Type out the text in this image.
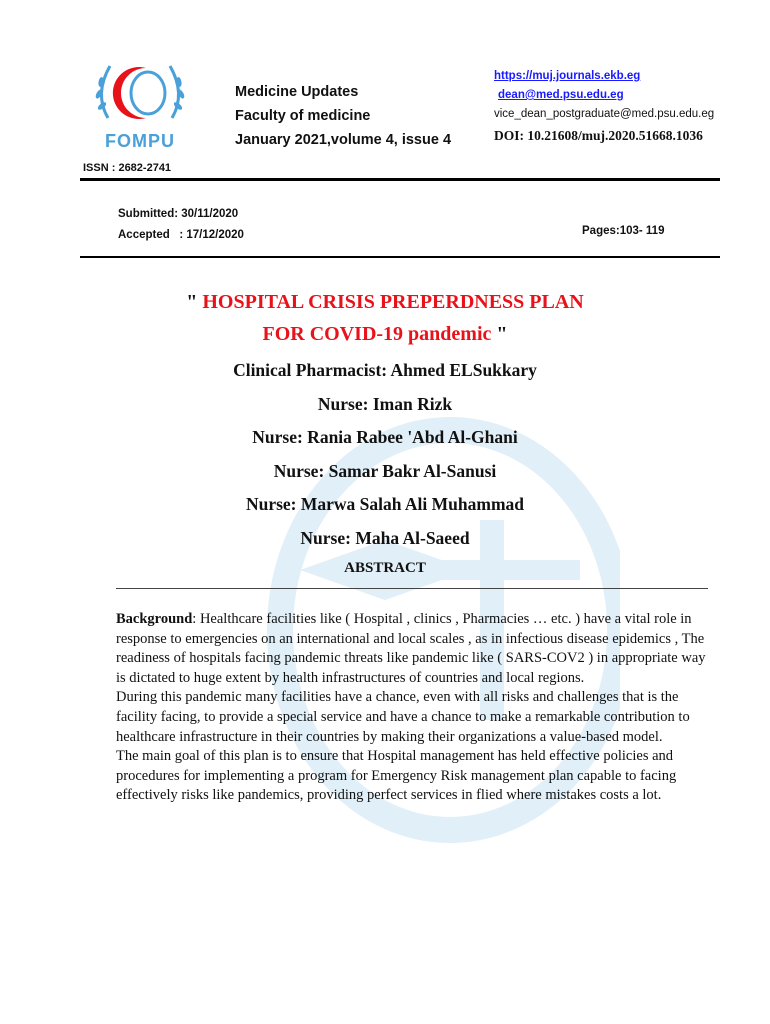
FOMPU
Medicine Updates
Faculty of medicine
January 2021,volume 4, issue 4
https://muj.journals.ekb.eg
dean@med.psu.edu.eg
vice_dean_postgraduate@med.psu.edu.eg
DOI: 10.21608/muj.2020.51668.1036
ISSN : 2682-2741
Submitted: 30/11/2020
Accepted   : 17/12/2020	Pages:103- 119
" HOSPITAL CRISIS PREPERDNESS PLAN
FOR COVID-19 pandemic "
Clinical Pharmacist: Ahmed ELSukkary
Nurse: Iman Rizk
Nurse: Rania Rabee 'Abd Al-Ghani
Nurse: Samar Bakr Al-Sanusi
Nurse: Marwa Salah Ali Muhammad
Nurse: Maha Al-Saeed
ABSTRACT

Background: Healthcare facilities like ( Hospital , clinics , Pharmacies … etc. ) have a vital role in response to emergencies on an international and local scales , as in infectious disease epidemics , The readiness of hospitals facing pandemic threats like pandemic like ( SARS-COV2 ) in appropriate way is dictated to huge extent by health infrastructures of countries and local regions.

During this pandemic many facilities have a chance, even with all risks and challenges that is the facility facing, to provide a special service and have a chance to make a remarkable contribution to healthcare infrastructure in their countries by making their organizations a value-based model.

The main goal of this plan is to ensure that Hospital management has held effective policies and procedures for implementing a program for Emergency Risk management plan capable to facing effectively risks like pandemics, providing perfect services in flied where mistakes costs a lot.
